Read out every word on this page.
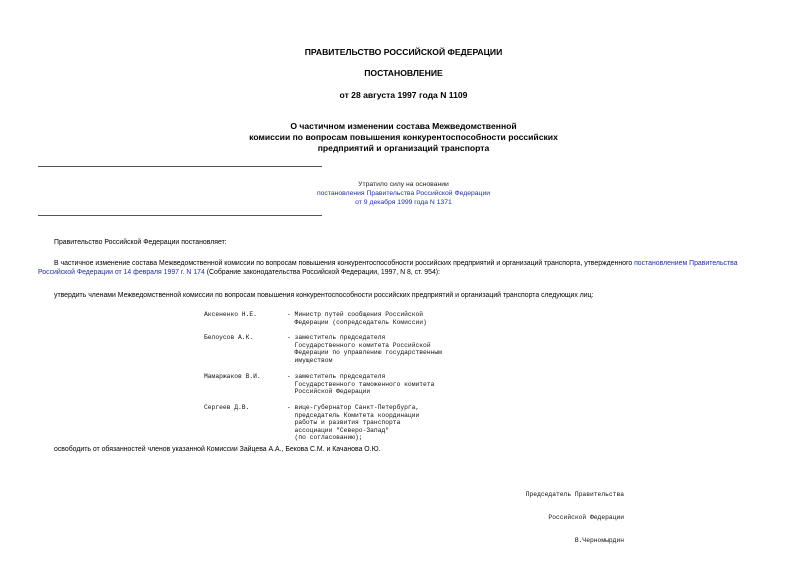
ПРАВИТЕЛЬСТВО РОССИЙСКОЙ ФЕДЕРАЦИИ
ПОСТАНОВЛЕНИЕ
от 28 августа 1997 года N 1109
О частичном изменении состава Межведомственной
комиссии по вопросам повышения конкурентоспособности российских
предприятий и организаций транспорта
Утратило силу на основании
постановления Правительства Российской Федерации
от 9 декабря 1999 года N 1371
Правительство Российской Федерации постановляет:
В частичное изменение состава Межведомственной комиссии по вопросам повышения конкурентоспособности российских предприятий и организаций транспорта, утвержденного постановлением Правительства Российской Федерации от 14 февраля 1997 г. N 174 (Собрание законодательства Российской Федерации, 1997, N 8, ст. 954):
утвердить членами Межведомственной комиссии по вопросам повышения конкурентоспособности российских предприятий и организаций транспорта следующих лиц:
Аксененко Н.Е.	- Министр путей сообщения Российской
Федерации (сопредседатель Комиссии)
Белоусов А.К.	- заместитель председателя
Государственного комитета Российской
Федерации по управлению государственным
имуществом
Мамаржаков В.И.	- заместитель председателя
Государственного таможенного комитета
Российской Федерации
Сергеев Д.В.	- вице-губернатор Санкт-Петербурга,
председатель Комитета координации
работы и развития транспорта
ассоциации "Северо-Запад"
(по согласованию);
освободить от обязанностей членов указанной Комиссии Зайцева А.А., Бекова С.М. и Качанова О.Ю.

Председатель Правительства

Российской Федерации

В.Черномырдин
